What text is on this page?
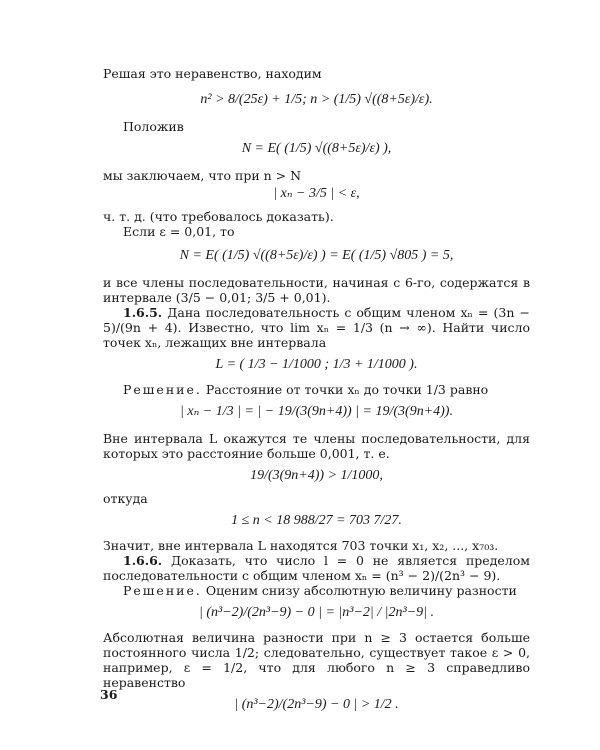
Решая это неравенство, находим

n² > 8/(25ε) + 1/5; n > (1/5) √((8+5ε)/ε).

Положив

N = E( (1/5) √((8+5ε)/ε) ),

мы заключаем, что при n > N

| xₙ − 3/5 | < ε,

ч. т. д. (что требовалось доказать).

Если ε = 0,01, то

N = E( (1/5) √((8+5ε)/ε) ) = E( (1/5) √805 ) = 5,

и все члены последовательности, начиная с 6-го, содержатся в интервале (3/5 − 0,01; 3/5 + 0,01).

1.6.5. Дана последовательность с общим членом xₙ = (3n − 5)/(9n + 4). Известно, что lim xₙ = 1/3 (n → ∞). Найти число точек xₙ, лежащих вне интервала

L = ( 1/3 − 1/1000 ; 1/3 + 1/1000 ).

Решение. Расстояние от точки xₙ до точки 1/3 равно

| xₙ − 1/3 | = | − 19/(3(9n+4)) | = 19/(3(9n+4)).

Вне интервала L окажутся те члены последовательности, для которых это расстояние больше 0,001, т. е.

19/(3(9n+4)) > 1/1000,

откуда

1 ≤ n < 18 988/27 = 703 7/27.

Значит, вне интервала L находятся 703 точки x₁, x₂, ..., x₇₀₃.

1.6.6. Доказать, что число l = 0 не является пределом последовательности с общим членом xₙ = (n³ − 2)/(2n³ − 9).

Решение. Оценим снизу абсолютную величину разности

| (n³−2)/(2n³−9) − 0 | = |n³−2| / |2n³−9| .

Абсолютная величина разности при n ≥ 3 остается больше постоянного числа 1/2; следовательно, существует такое ε > 0, например, ε = 1/2, что для любого n ≥ 3 справедливо неравенство

| (n³−2)/(2n³−9) − 0 | > 1/2 .
36
